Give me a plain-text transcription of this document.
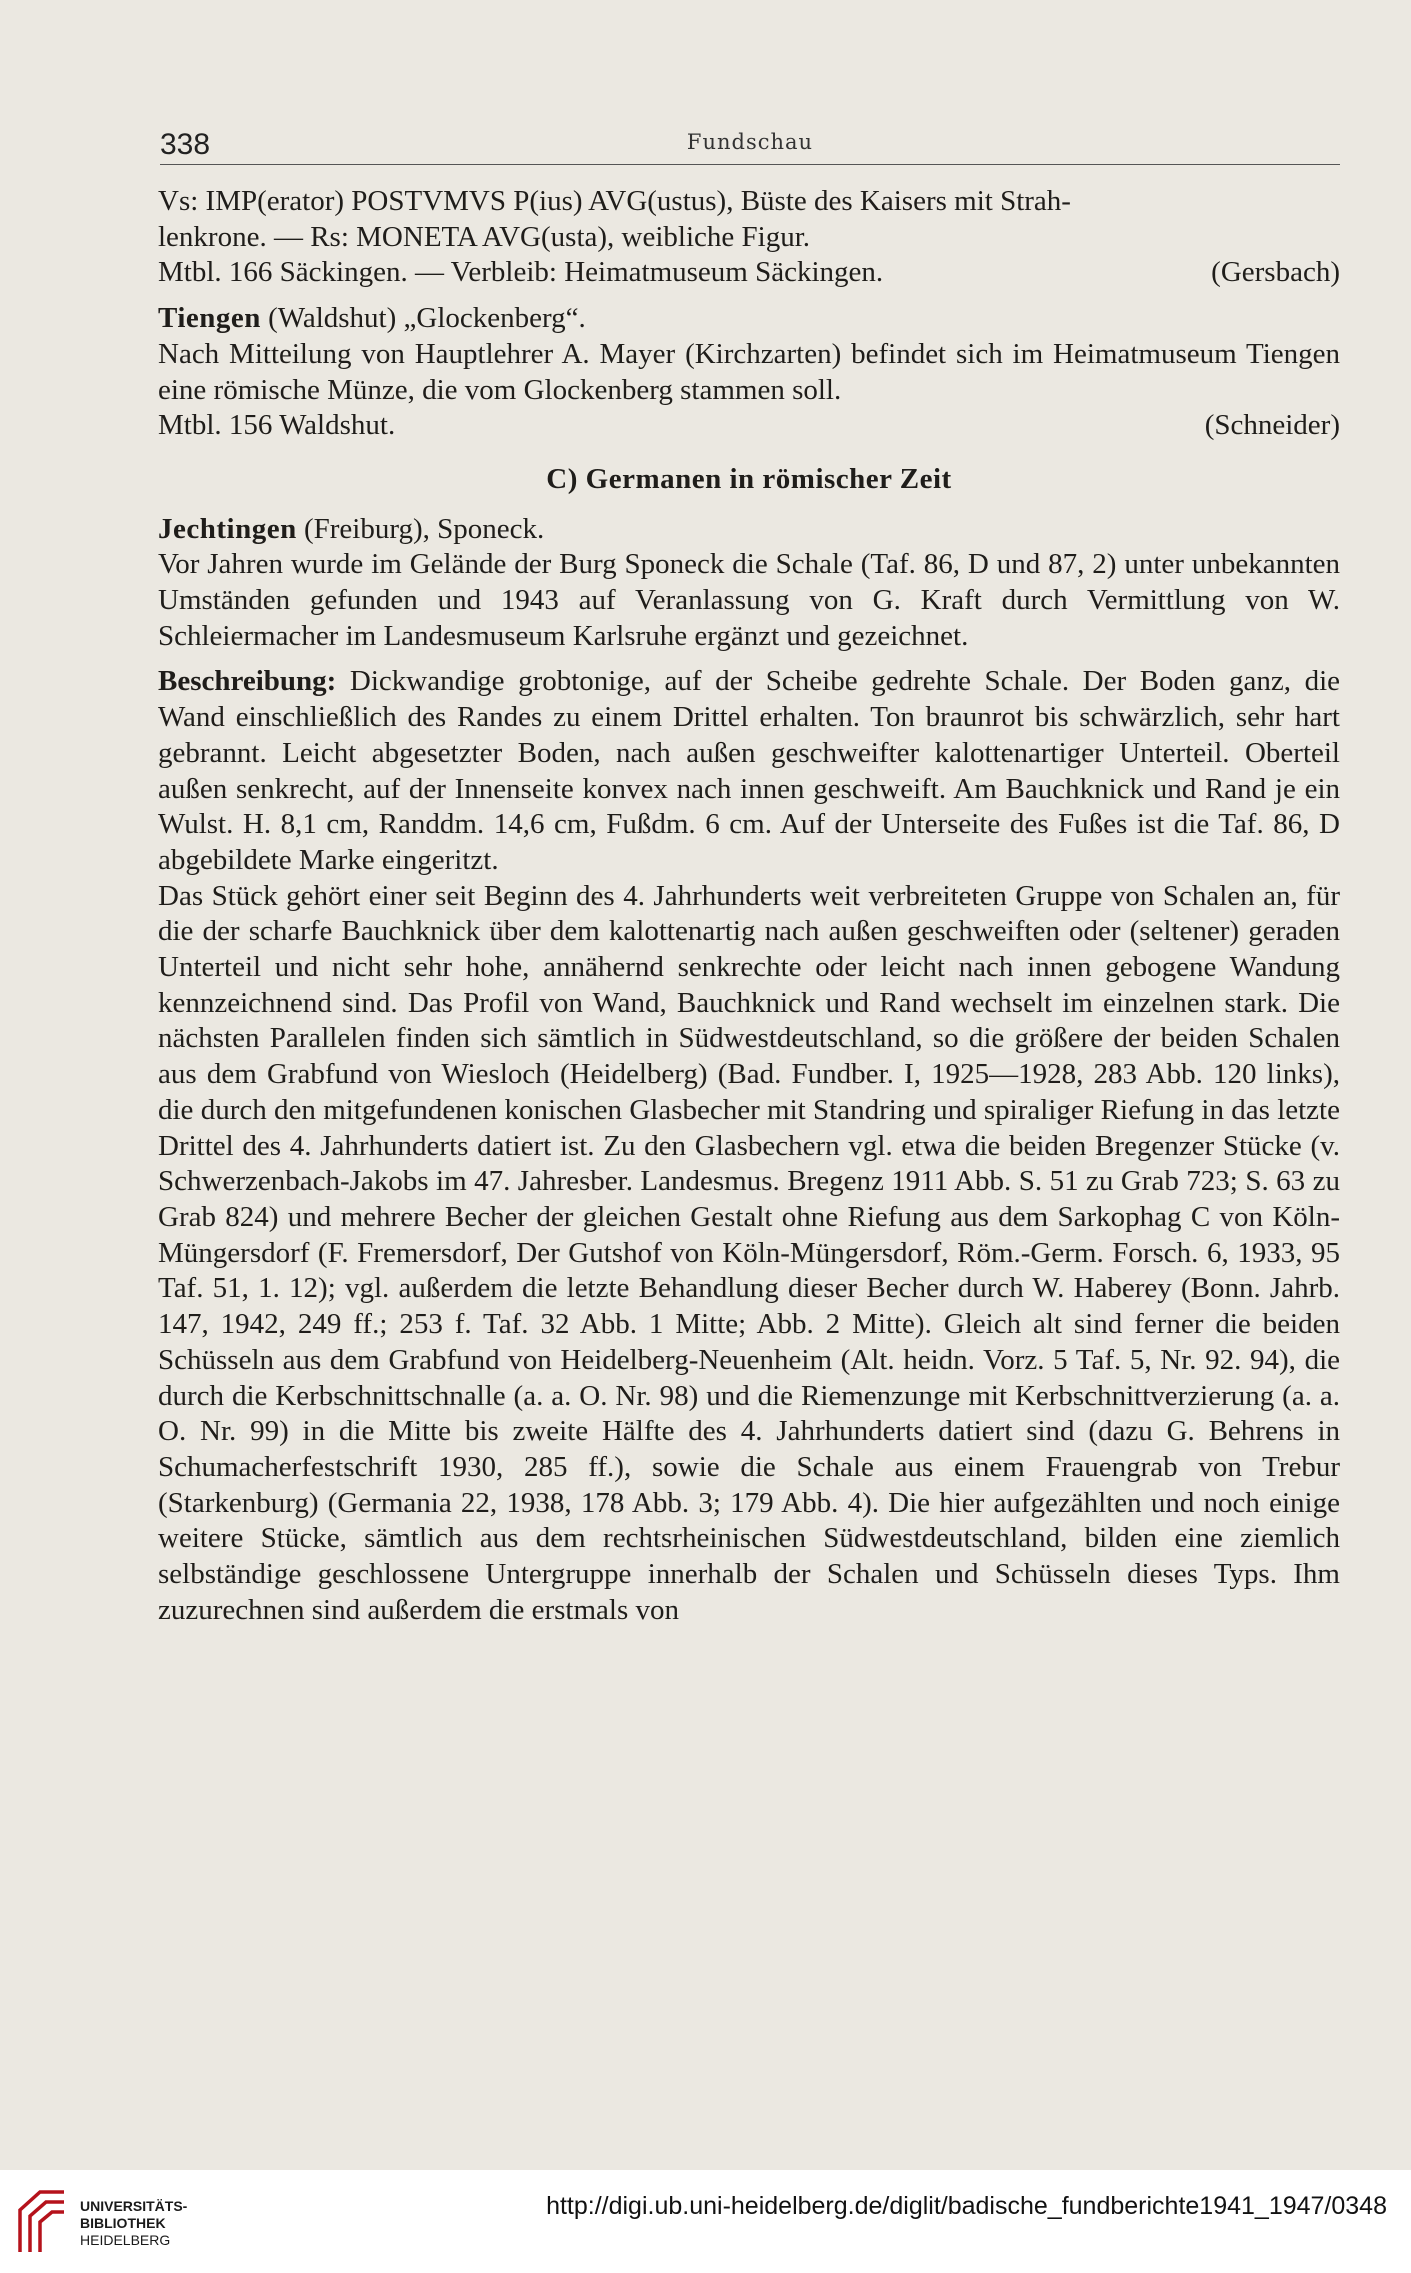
338	Fundschau

Vs: IMP(erator) POSTVMVS P(ius) AVG(ustus), Büste des Kaisers mit Strah-

lenkrone. — Rs: MONETA AVG(usta), weibliche Figur.

Mtbl. 166 Säckingen. — Verbleib: Heimatmuseum Säckingen.	(Gersbach)

Tiengen (Waldshut) „Glockenberg“.

Nach Mitteilung von Hauptlehrer A. Mayer (Kirchzarten) befindet sich im Heimatmuseum Tiengen eine römische Münze, die vom Glockenberg stammen soll.

Mtbl. 156 Waldshut.	(Schneider)

C) Germanen in römischer Zeit

Jechtingen (Freiburg), Sponeck.

Vor Jahren wurde im Gelände der Burg Sponeck die Schale (Taf. 86, D und 87, 2) unter unbekannten Umständen gefunden und 1943 auf Veranlassung von G. Kraft durch Vermittlung von W. Schleiermacher im Landesmuseum Karlsruhe ergänzt und gezeichnet.

Beschreibung: Dickwandige grobtonige, auf der Scheibe gedrehte Schale. Der Boden ganz, die Wand einschließlich des Randes zu einem Drittel erhalten. Ton braunrot bis schwärzlich, sehr hart gebrannt. Leicht abgesetzter Boden, nach außen geschweifter kalottenartiger Unterteil. Oberteil außen senkrecht, auf der Innenseite konvex nach innen geschweift. Am Bauchknick und Rand je ein Wulst. H. 8,1 cm, Randdm. 14,6 cm, Fußdm. 6 cm. Auf der Unterseite des Fußes ist die Taf. 86, D abgebildete Marke eingeritzt.

Das Stück gehört einer seit Beginn des 4. Jahrhunderts weit verbreiteten Gruppe von Schalen an, für die der scharfe Bauchknick über dem kalottenartig nach außen geschweiften oder (seltener) geraden Unterteil und nicht sehr hohe, annähernd senkrechte oder leicht nach innen gebogene Wandung kennzeichnend sind. Das Profil von Wand, Bauchknick und Rand wechselt im einzelnen stark. Die nächsten Parallelen finden sich sämtlich in Südwestdeutschland, so die größere der beiden Schalen aus dem Grabfund von Wiesloch (Heidelberg) (Bad. Fundber. I, 1925—1928, 283 Abb. 120 links), die durch den mitgefundenen konischen Glasbecher mit Standring und spiraliger Riefung in das letzte Drittel des 4. Jahrhunderts datiert ist. Zu den Glasbechern vgl. etwa die beiden Bregenzer Stücke (v. Schwerzenbach-Jakobs im 47. Jahresber. Landesmus. Bregenz 1911 Abb. S. 51 zu Grab 723; S. 63 zu Grab 824) und mehrere Becher der gleichen Gestalt ohne Riefung aus dem Sarkophag C von Köln-Müngersdorf (F. Fremersdorf, Der Gutshof von Köln-Müngersdorf, Röm.-Germ. Forsch. 6, 1933, 95 Taf. 51, 1. 12); vgl. außerdem die letzte Behandlung dieser Becher durch W. Haberey (Bonn. Jahrb. 147, 1942, 249 ff.; 253 f. Taf. 32 Abb. 1 Mitte; Abb. 2 Mitte). Gleich alt sind ferner die beiden Schüsseln aus dem Grabfund von Heidelberg-Neuenheim (Alt. heidn. Vorz. 5 Taf. 5, Nr. 92. 94), die durch die Kerbschnittschnalle (a. a. O. Nr. 98) und die Riemenzunge mit Kerbschnittverzierung (a. a. O. Nr. 99) in die Mitte bis zweite Hälfte des 4. Jahrhunderts datiert sind (dazu G. Behrens in Schumacherfestschrift 1930, 285 ff.), sowie die Schale aus einem Frauengrab von Trebur (Starkenburg) (Germania 22, 1938, 178 Abb. 3; 179 Abb. 4). Die hier aufgezählten und noch einige weitere Stücke, sämtlich aus dem rechtsrheinischen Südwestdeutschland, bilden eine ziemlich selbständige geschlossene Untergruppe innerhalb der Schalen und Schüsseln dieses Typs. Ihm zuzurechnen sind außerdem die erstmals von

UNIVERSITÄTS-
BIBLIOTHEK
HEIDELBERG
http://digi.ub.uni-heidelberg.de/diglit/badische_fundberichte1941_1947/0348
